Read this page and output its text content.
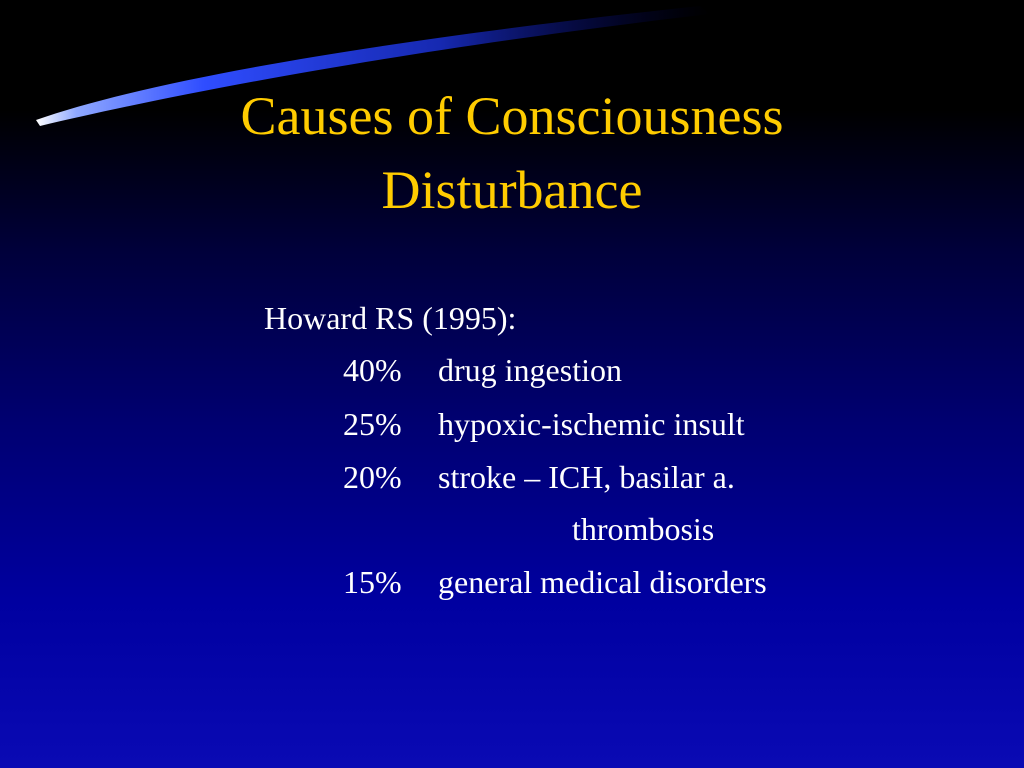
Causes of Consciousness
Disturbance
Howard RS (1995):
40% drug ingestion
25% hypoxic-ischemic insult
20% stroke – ICH, basilar a.
thrombosis
15% general medical disorders
